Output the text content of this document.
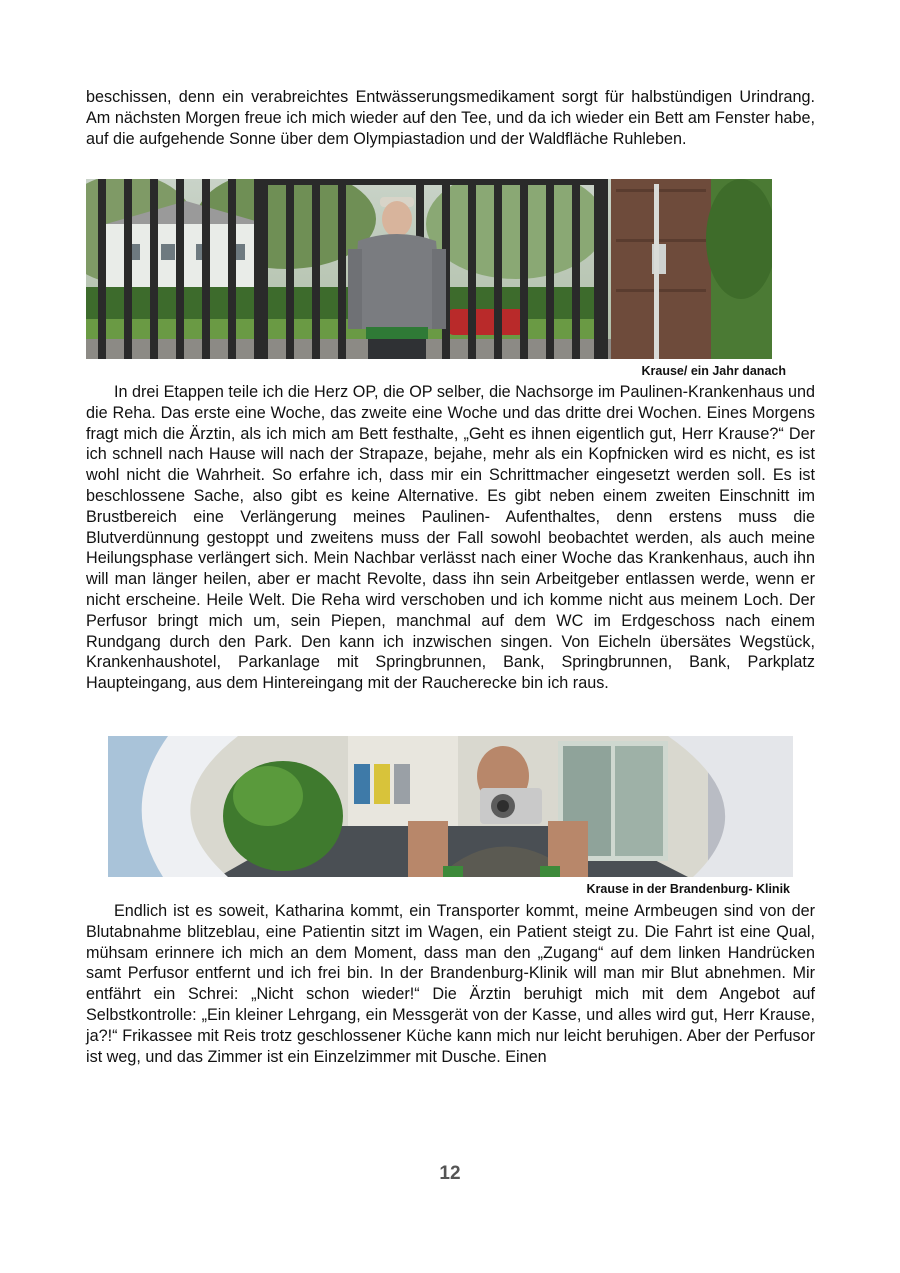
beschissen, denn ein verabreichtes Entwässerungsmedikament sorgt für halbstündigen Urindrang. Am nächsten Morgen freue ich mich wieder auf den Tee, und da ich wieder ein Bett am Fenster habe, auf die aufgehende Sonne über dem Olympiastadion und der Waldfläche Ruhleben.

Krause/ ein Jahr danach

In drei Etappen teile ich die Herz OP, die OP selber, die Nachsorge im Paulinen-Krankenhaus und die Reha. Das erste eine Woche, das zweite eine Woche und das dritte drei Wochen. Eines Morgens fragt mich die Ärztin, als ich mich am Bett festhalte, „Geht es ihnen eigentlich gut, Herr Krause?“ Der ich schnell nach Hause will nach der Strapaze, bejahe, mehr als ein Kopfnicken wird es nicht, es ist wohl nicht die Wahrheit. So erfahre ich, dass mir ein Schrittmacher eingesetzt werden soll. Es ist beschlossene Sache, also gibt es keine Alternative. Es gibt neben einem zweiten Einschnitt im Brustbereich eine Verlängerung meines Paulinen- Aufenthaltes, denn erstens muss die Blutverdünnung gestoppt und zweitens muss der Fall sowohl beobachtet werden, als auch meine Heilungsphase verlängert sich. Mein Nachbar verlässt nach einer Woche das Krankenhaus, auch ihn will man länger heilen, aber er macht Revolte, dass ihn sein Arbeitgeber entlassen werde, wenn er nicht erscheine. Heile Welt. Die Reha wird verschoben und ich komme nicht aus meinem Loch. Der Perfusor bringt mich um, sein Piepen, manchmal auf dem WC im Erdgeschoss nach einem Rundgang durch den Park. Den kann ich inzwischen singen. Von Eicheln übersätes Wegstück, Krankenhaushotel, Parkanlage mit Springbrunnen, Bank, Springbrunnen, Bank, Parkplatz Haupteingang, aus dem Hintereingang mit der Raucherecke bin ich raus.

Krause in der Brandenburg- Klinik

Endlich ist es soweit, Katharina kommt, ein Transporter kommt, meine Armbeugen sind von der Blutabnahme blitzeblau, eine Patientin sitzt im Wagen, ein Patient steigt zu. Die Fahrt ist eine Qual, mühsam erinnere ich mich an dem Moment, dass man den „Zugang“ auf dem linken Handrücken samt Perfusor entfernt und ich frei bin. In der Brandenburg-Klinik will man mir Blut abnehmen. Mir entfährt ein Schrei: „Nicht schon wieder!“ Die Ärztin beruhigt mich mit dem Angebot auf Selbstkontrolle: „Ein kleiner Lehrgang, ein Messgerät von der Kasse, und alles wird gut, Herr Krause, ja?!“ Frikassee mit Reis trotz geschlossener Küche kann mich nur leicht beruhigen. Aber der Perfusor ist weg, und das Zimmer ist ein Einzelzimmer mit Dusche. Einen

12
